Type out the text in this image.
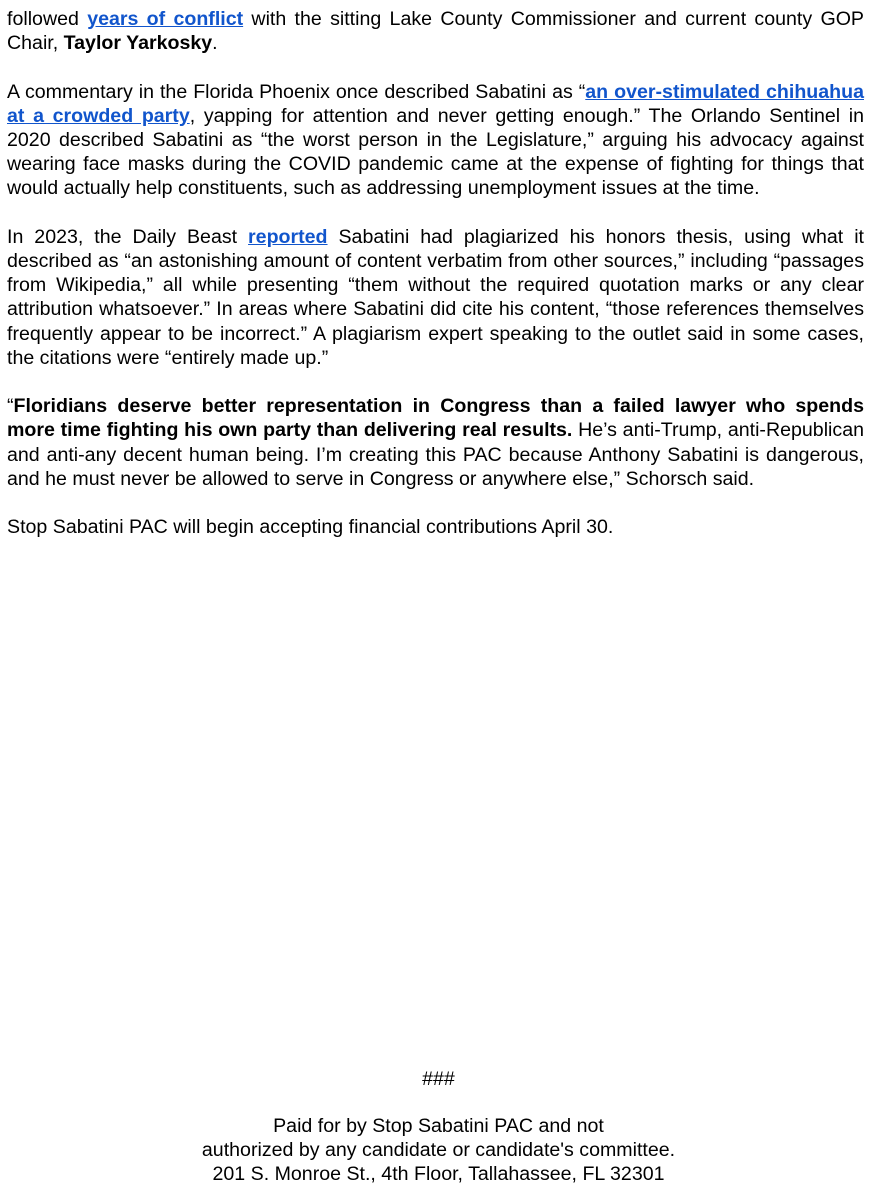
followed years of conflict with the sitting Lake County Commissioner and current county GOP Chair, Taylor Yarkosky.

A commentary in the Florida Phoenix once described Sabatini as “an over-stimulated chihuahua at a crowded party, yapping for attention and never getting enough.” The Orlando Sentinel in 2020 described Sabatini as “the worst person in the Legislature,” arguing his advocacy against wearing face masks during the COVID pandemic came at the expense of fighting for things that would actually help constituents, such as addressing unemployment issues at the time.

In 2023, the Daily Beast reported Sabatini had plagiarized his honors thesis, using what it described as “an astonishing amount of content verbatim from other sources,” including “passages from Wikipedia,” all while presenting “them without the required quotation marks or any clear attribution whatsoever.” In areas where Sabatini did cite his content, “those references themselves frequently appear to be incorrect.” A plagiarism expert speaking to the outlet said in some cases, the citations were “entirely made up.”

“Floridians deserve better representation in Congress than a failed lawyer who spends more time fighting his own party than delivering real results. He’s anti-Trump, anti-Republican and anti-any decent human being. I’m creating this PAC because Anthony Sabatini is dangerous, and he must never be allowed to serve in Congress or anywhere else,” Schorsch said.

Stop Sabatini PAC will begin accepting financial contributions April 30.

###
Paid for by Stop Sabatini PAC and not
authorized by any candidate or candidate's committee.
201 S. Monroe St., 4th Floor, Tallahassee, FL 32301
